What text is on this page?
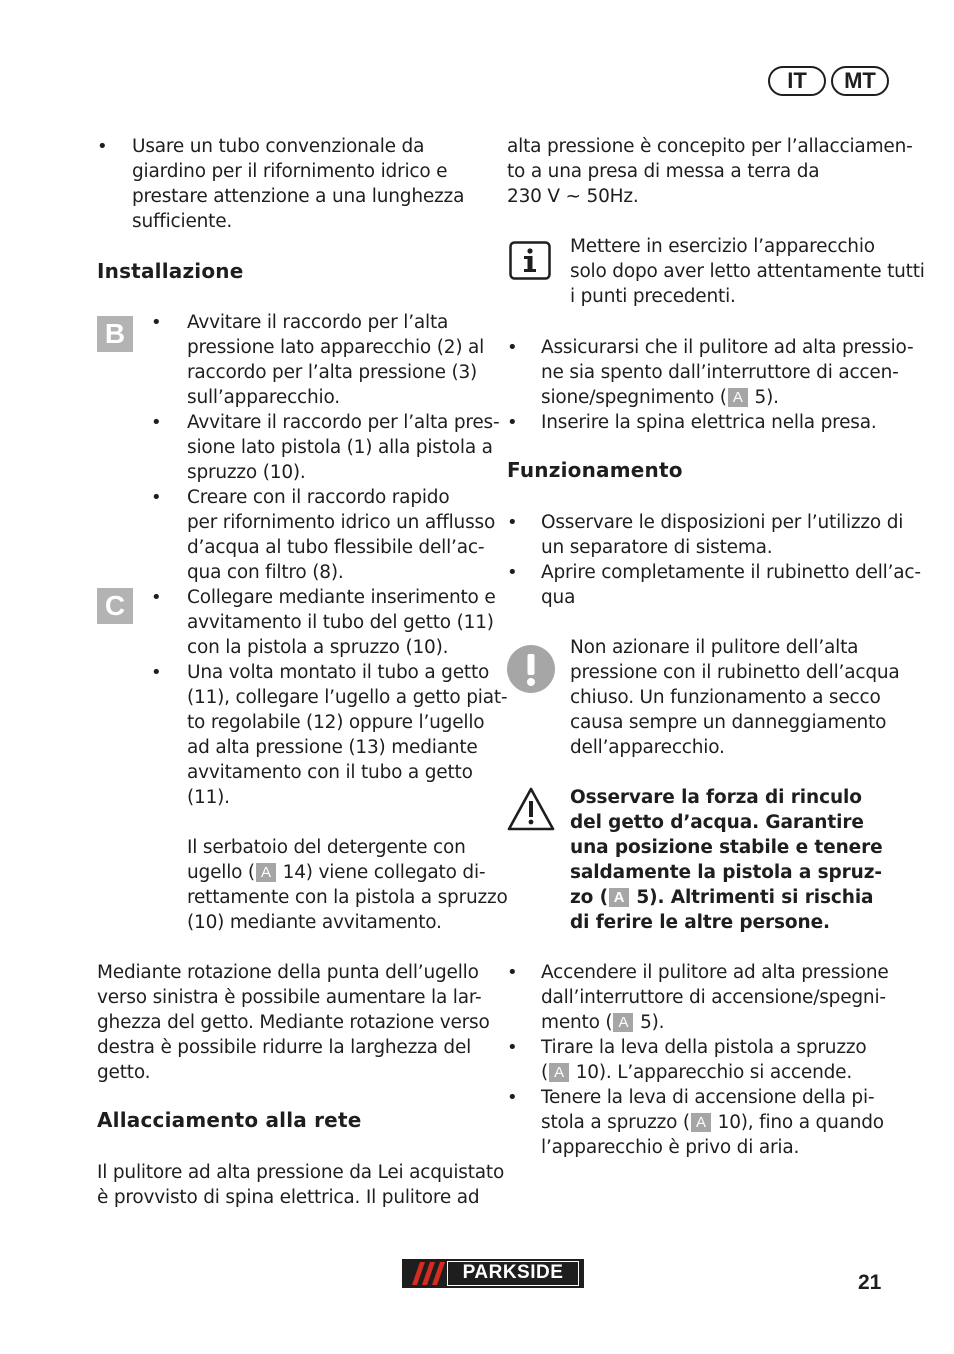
IT	MT
• Usare un tubo convenzionale da
giardino per il rifornimento idrico e
prestare attenzione a una lunghezza
sufficiente.
Installazione
B	• Avvitare il raccordo per l’alta
pressione lato apparecchio (2) al
raccordo per l’alta pressione (3)
sull’apparecchio.
• Avvitare il raccordo per l’alta pres-
sione lato pistola (1) alla pistola a
spruzzo (10).
• Creare con il raccordo rapido
per rifornimento idrico un afflusso
d’acqua al tubo flessibile dell’ac-
qua con filtro (8).
C	• Collegare mediante inserimento e
avvitamento il tubo del getto (11)
con la pistola a spruzzo (10).
• Una volta montato il tubo a getto
(11), collegare l’ugello a getto piat-
to regolabile (12) oppure l’ugello
ad alta pressione (13) mediante
avvitamento con il tubo a getto
(11).
Il serbatoio del detergente con
ugello ( A 14) viene collegato di-
rettamente con la pistola a spruzzo
(10) mediante avvitamento.
Mediante rotazione della punta dell’ugello
verso sinistra è possibile aumentare la lar-
ghezza del getto. Mediante rotazione verso
destra è possibile ridurre la larghezza del
getto.
Allacciamento alla rete
Il pulitore ad alta pressione da Lei acquistato
è provvisto di spina elettrica. Il pulitore ad
alta pressione è concepito per l’allacciamen-
to a una presa di messa a terra da
230 V ~ 50Hz.
Mettere in esercizio l’apparecchio
solo dopo aver letto attentamente tutti
i punti precedenti.
• Assicurarsi che il pulitore ad alta pressio-
ne sia spento dall’interruttore di accen-
sione/spegnimento ( A 5).
• Inserire la spina elettrica nella presa.
Funzionamento
• Osservare le disposizioni per l’utilizzo di
un separatore di sistema.
• Aprire completamente il rubinetto dell’ac-
qua
Non azionare il pulitore dell’alta
pressione con il rubinetto dell’acqua
chiuso. Un funzionamento a secco
causa sempre un danneggiamento
dell’apparecchio.
Osservare la forza di rinculo
del getto d’acqua. Garantire
una posizione stabile e tenere
saldamente la pistola a spruz-
zo ( A 5). Altrimenti si rischia
di ferire le altre persone.
• Accendere il pulitore ad alta pressione
dall’interruttore di accensione/spegni-
mento ( A 5).
• Tirare la leva della pistola a spruzzo
( A 10). L’apparecchio si accende.
• Tenere la leva di accensione della pi-
stola a spruzzo ( A 10), fino a quando
l’apparecchio è privo di aria.
PARKSIDE	21
